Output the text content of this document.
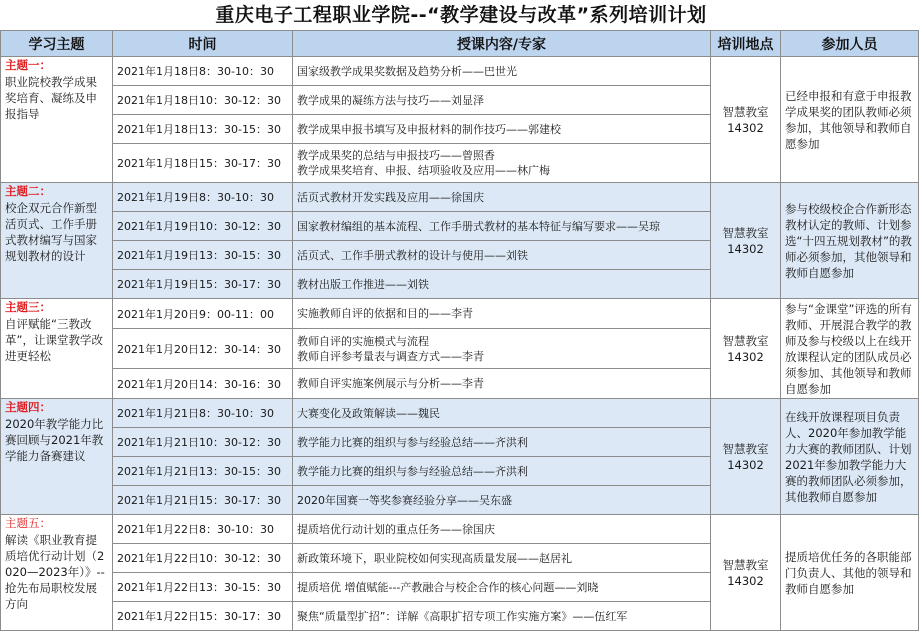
重庆电子工程职业学院--“教学建设与改革”系列培训计划
学习主题	时间	授课内容/专家	培训地点	参加人员

主题一：
职业院校教学成果奖培育、凝练及申报指导	2021年1月18日8：30-10：30	国家级教学成果奖数据及趋势分析——巴世光	智慧教室
14302	已经申报和有意于申报教学成果奖的团队教师必须参加，其他领导和教师自愿参加
	2021年1月18日10：30-12：30	教学成果的凝练方法与技巧——刘显泽		

	2021年1月18日13：30-15：30	教学成果申报书填写及申报材料的制作技巧——郭建校		

	2021年1月18日15：30-17：30	教学成果奖的总结与申报技巧——曾照香
教学成果奖培育、申报、结项验收及应用——林广梅		

主题二：
校企双元合作新型活页式、工作手册式教材编写与国家规划教材的设计	2021年1月19日8：30-10：30	活页式教材开发实践及应用——徐国庆	智慧教室
14302	参与校级校企合作新形态教材认定的教师、计划参选“十四五规划教材”的教师必须参加，其他领导和教师自愿参加
	2021年1月19日10：30-12：30	国家教材编组的基本流程、工作手册式教材的基本特征与编写要求——吴琼		

	2021年1月19日13：30-15：30	活页式、工作手册式教材的设计与使用——刘铁		

	2021年1月19日15：30-17：30	教材出版工作推进——刘铁		

主题三：
自评赋能“三教改革”，让课堂教学改进更轻松	2021年1月20日9：00-11：00	实施教师自评的依据和目的——李青	智慧教室
14302	参与“金课堂”评选的所有教师、开展混合教学的教师及参与校级以上在线开放课程认定的团队成员必须参加、其他领导和教师自愿参加
	2021年1月20日12：30-14：30	教师自评的实施模式与流程
教师自评参考量表与调查方式——李青		

	2021年1月20日14：30-16：30	教师自评实施案例展示与分析——李青		

主题四：
2020年教学能力比赛回顾与2021年教学能力备赛建议	2021年1月21日8：30-10：30	大赛变化及政策解读——魏民	智慧教室
14302	在线开放课程项目负责人、2020年参加教学能力大赛的教师团队、计划2021年参加教学能力大赛的教师团队必须参加，其他教师自愿参加
	2021年1月21日10：30-12：30	教学能力比赛的组织与参与经验总结——齐洪利		

	2021年1月21日13：30-15：30	教学能力比赛的组织与参与经验总结——齐洪利		

	2021年1月21日15：30-17：30	2020年国赛一等奖参赛经验分享——吴东盛		

主题五：
解读《职业教育提质培优行动计划（2020—2023年）》--抢先布局职校发展方向	2021年1月22日8：30-10：30	提质培优行动计划的重点任务——徐国庆	智慧教室
14302	提质培优任务的各职能部门负责人、其他的领导和教师自愿参加
	2021年1月22日10：30-12：30	新政策环境下，职业院校如何实现高质量发展——赵居礼		

	2021年1月22日13：30-15：30	提质培优 增值赋能---产教融合与校企合作的核心问题——刘晓		

	2021年1月22日15：30-17：30	聚焦“质量型扩招”：详解《高职扩招专项工作实施方案》——伍红军		
